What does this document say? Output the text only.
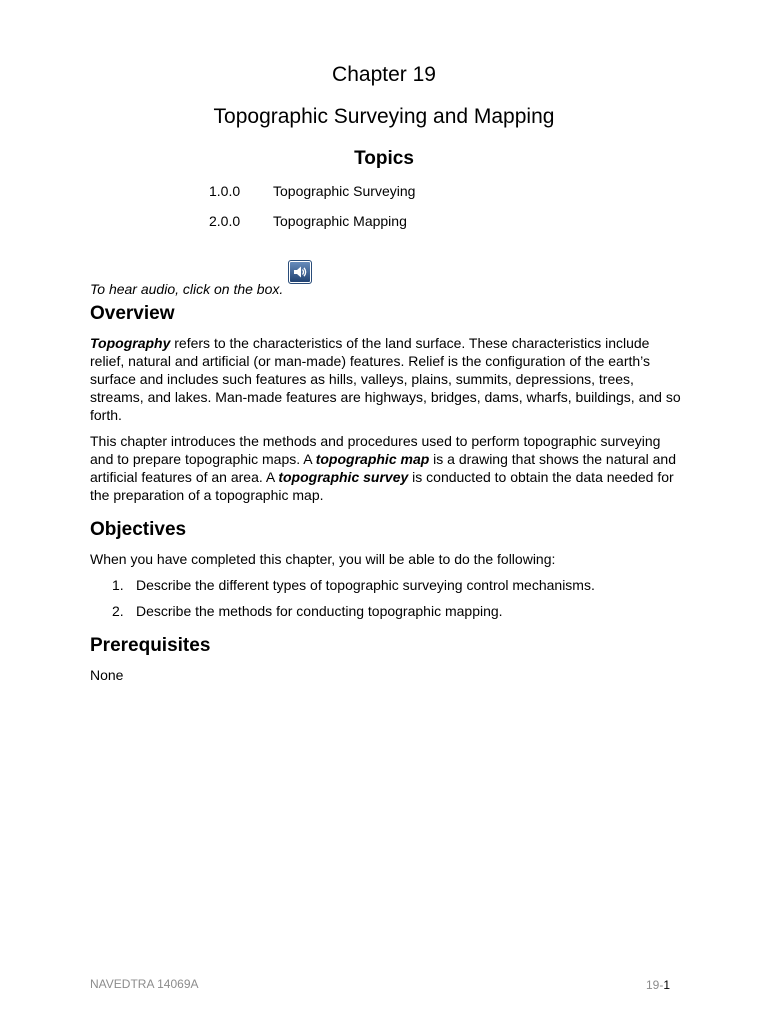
Chapter 19
Topographic Surveying and Mapping
Topics
1.0.0 Topographic Surveying
2.0.0 Topographic Mapping
To hear audio, click on the box.
Overview

Topography refers to the characteristics of the land surface. These characteristics include relief, natural and artificial (or man-made) features. Relief is the configuration of the earth’s surface and includes such features as hills, valleys, plains, summits, depressions, trees, streams, and lakes. Man-made features are highways, bridges, dams, wharfs, buildings, and so forth.

This chapter introduces the methods and procedures used to perform topographic surveying and to prepare topographic maps. A topographic map is a drawing that shows the natural and artificial features of an area. A topographic survey is conducted to obtain the data needed for the preparation of a topographic map.

Objectives
When you have completed this chapter, you will be able to do the following:
1. Describe the different types of topographic surveying control mechanisms.
2. Describe the methods for conducting topographic mapping.
Prerequisites
None
NAVEDTRA 14069A	19-1
